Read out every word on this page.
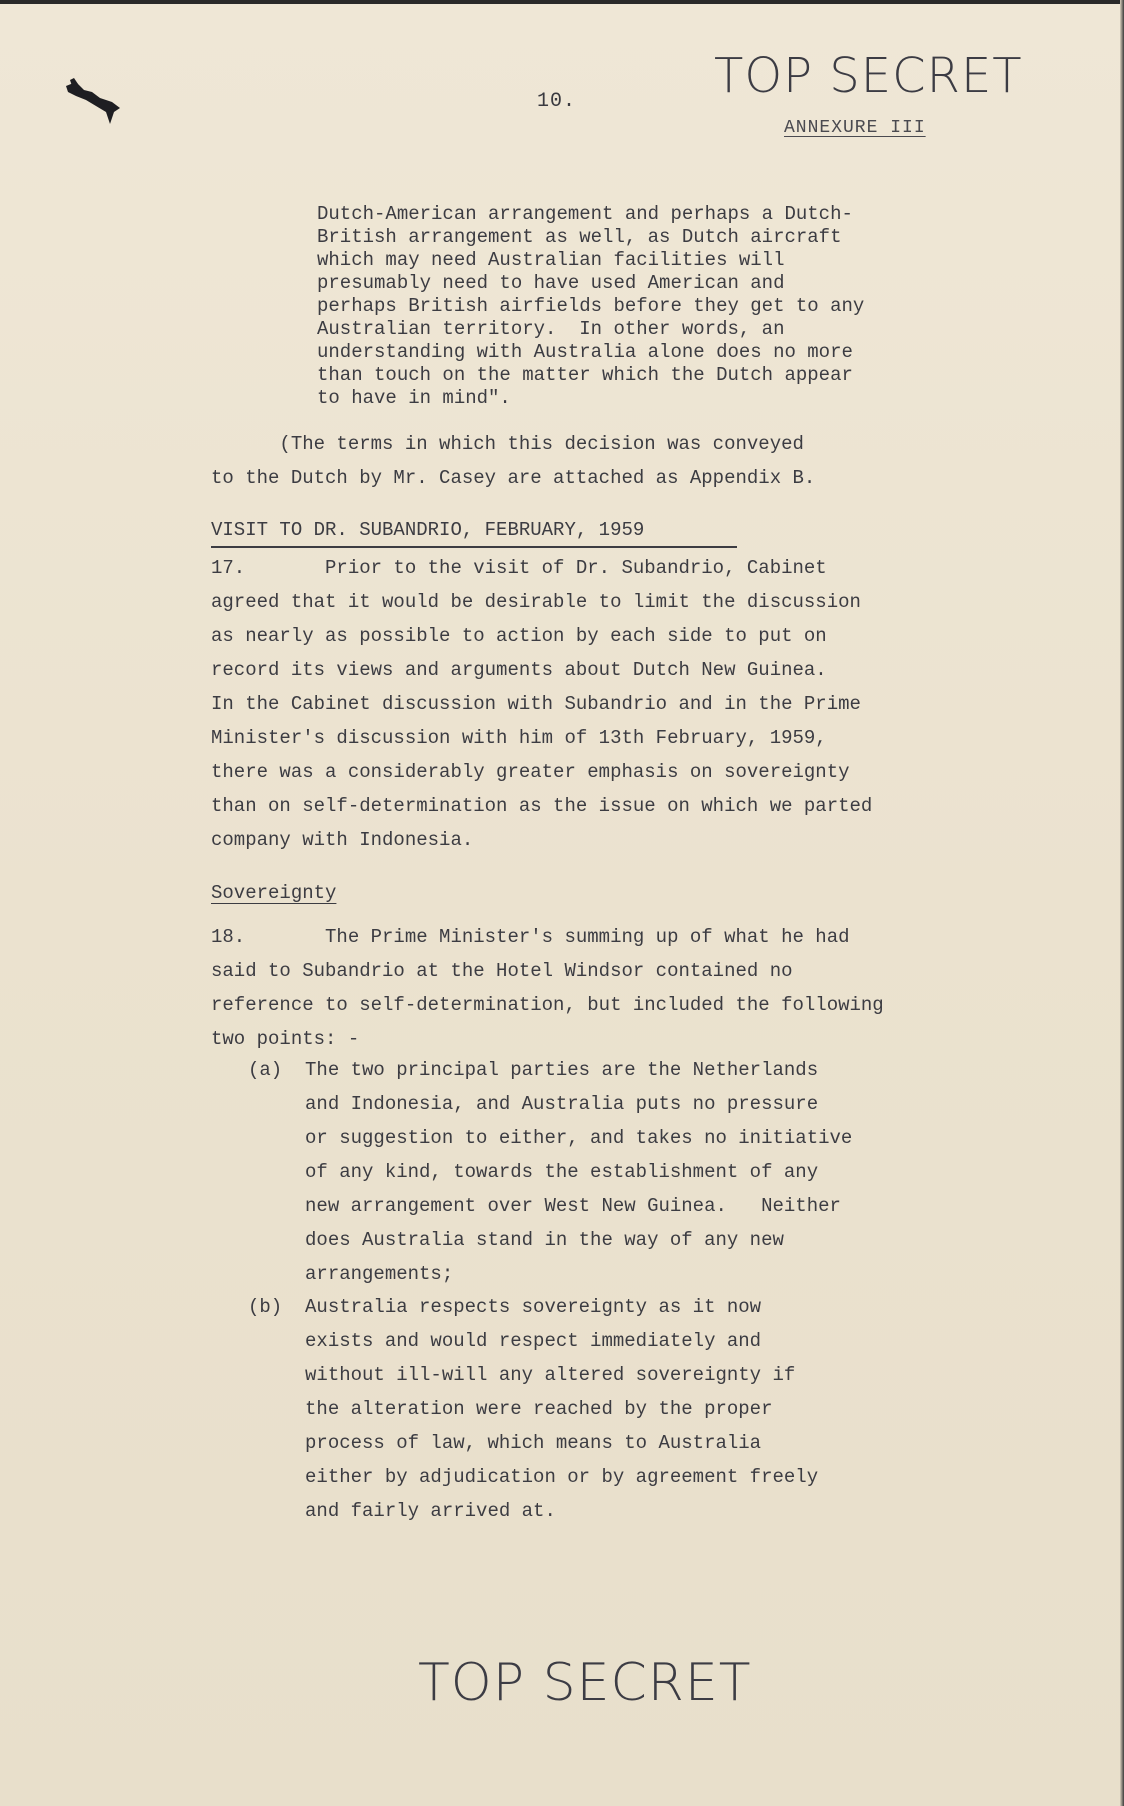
10.	TOP SECRET
ANNEXURE III
Dutch-American arrangement and perhaps a Dutch-
British arrangement as well, as Dutch aircraft
which may need Australian facilities will
presumably need to have used American and
perhaps British airfields before they get to any
Australian territory.  In other words, an
understanding with Australia alone does no more
than touch on the matter which the Dutch appear
to have in mind".
(The terms in which this decision was conveyed
to the Dutch by Mr. Casey are attached as Appendix B.
VISIT TO DR. SUBANDRIO, FEBRUARY, 1959
17.       Prior to the visit of Dr. Subandrio, Cabinet
agreed that it would be desirable to limit the discussion
as nearly as possible to action by each side to put on
record its views and arguments about Dutch New Guinea.
In the Cabinet discussion with Subandrio and in the Prime
Minister's discussion with him of 13th February, 1959,
there was a considerably greater emphasis on sovereignty
than on self-determination as the issue on which we parted
company with Indonesia.
Sovereignty
18.       The Prime Minister's summing up of what he had
said to Subandrio at the Hotel Windsor contained no
reference to self-determination, but included the following
two points: -
(a)  The two principal parties are the Netherlands
and Indonesia, and Australia puts no pressure
or suggestion to either, and takes no initiative
of any kind, towards the establishment of any
new arrangement over West New Guinea.   Neither
does Australia stand in the way of any new
arrangements;
(b)  Australia respects sovereignty as it now
exists and would respect immediately and
without ill-will any altered sovereignty if
the alteration were reached by the proper
process of law, which means to Australia
either by adjudication or by agreement freely
and fairly arrived at.
TOP SECRET
